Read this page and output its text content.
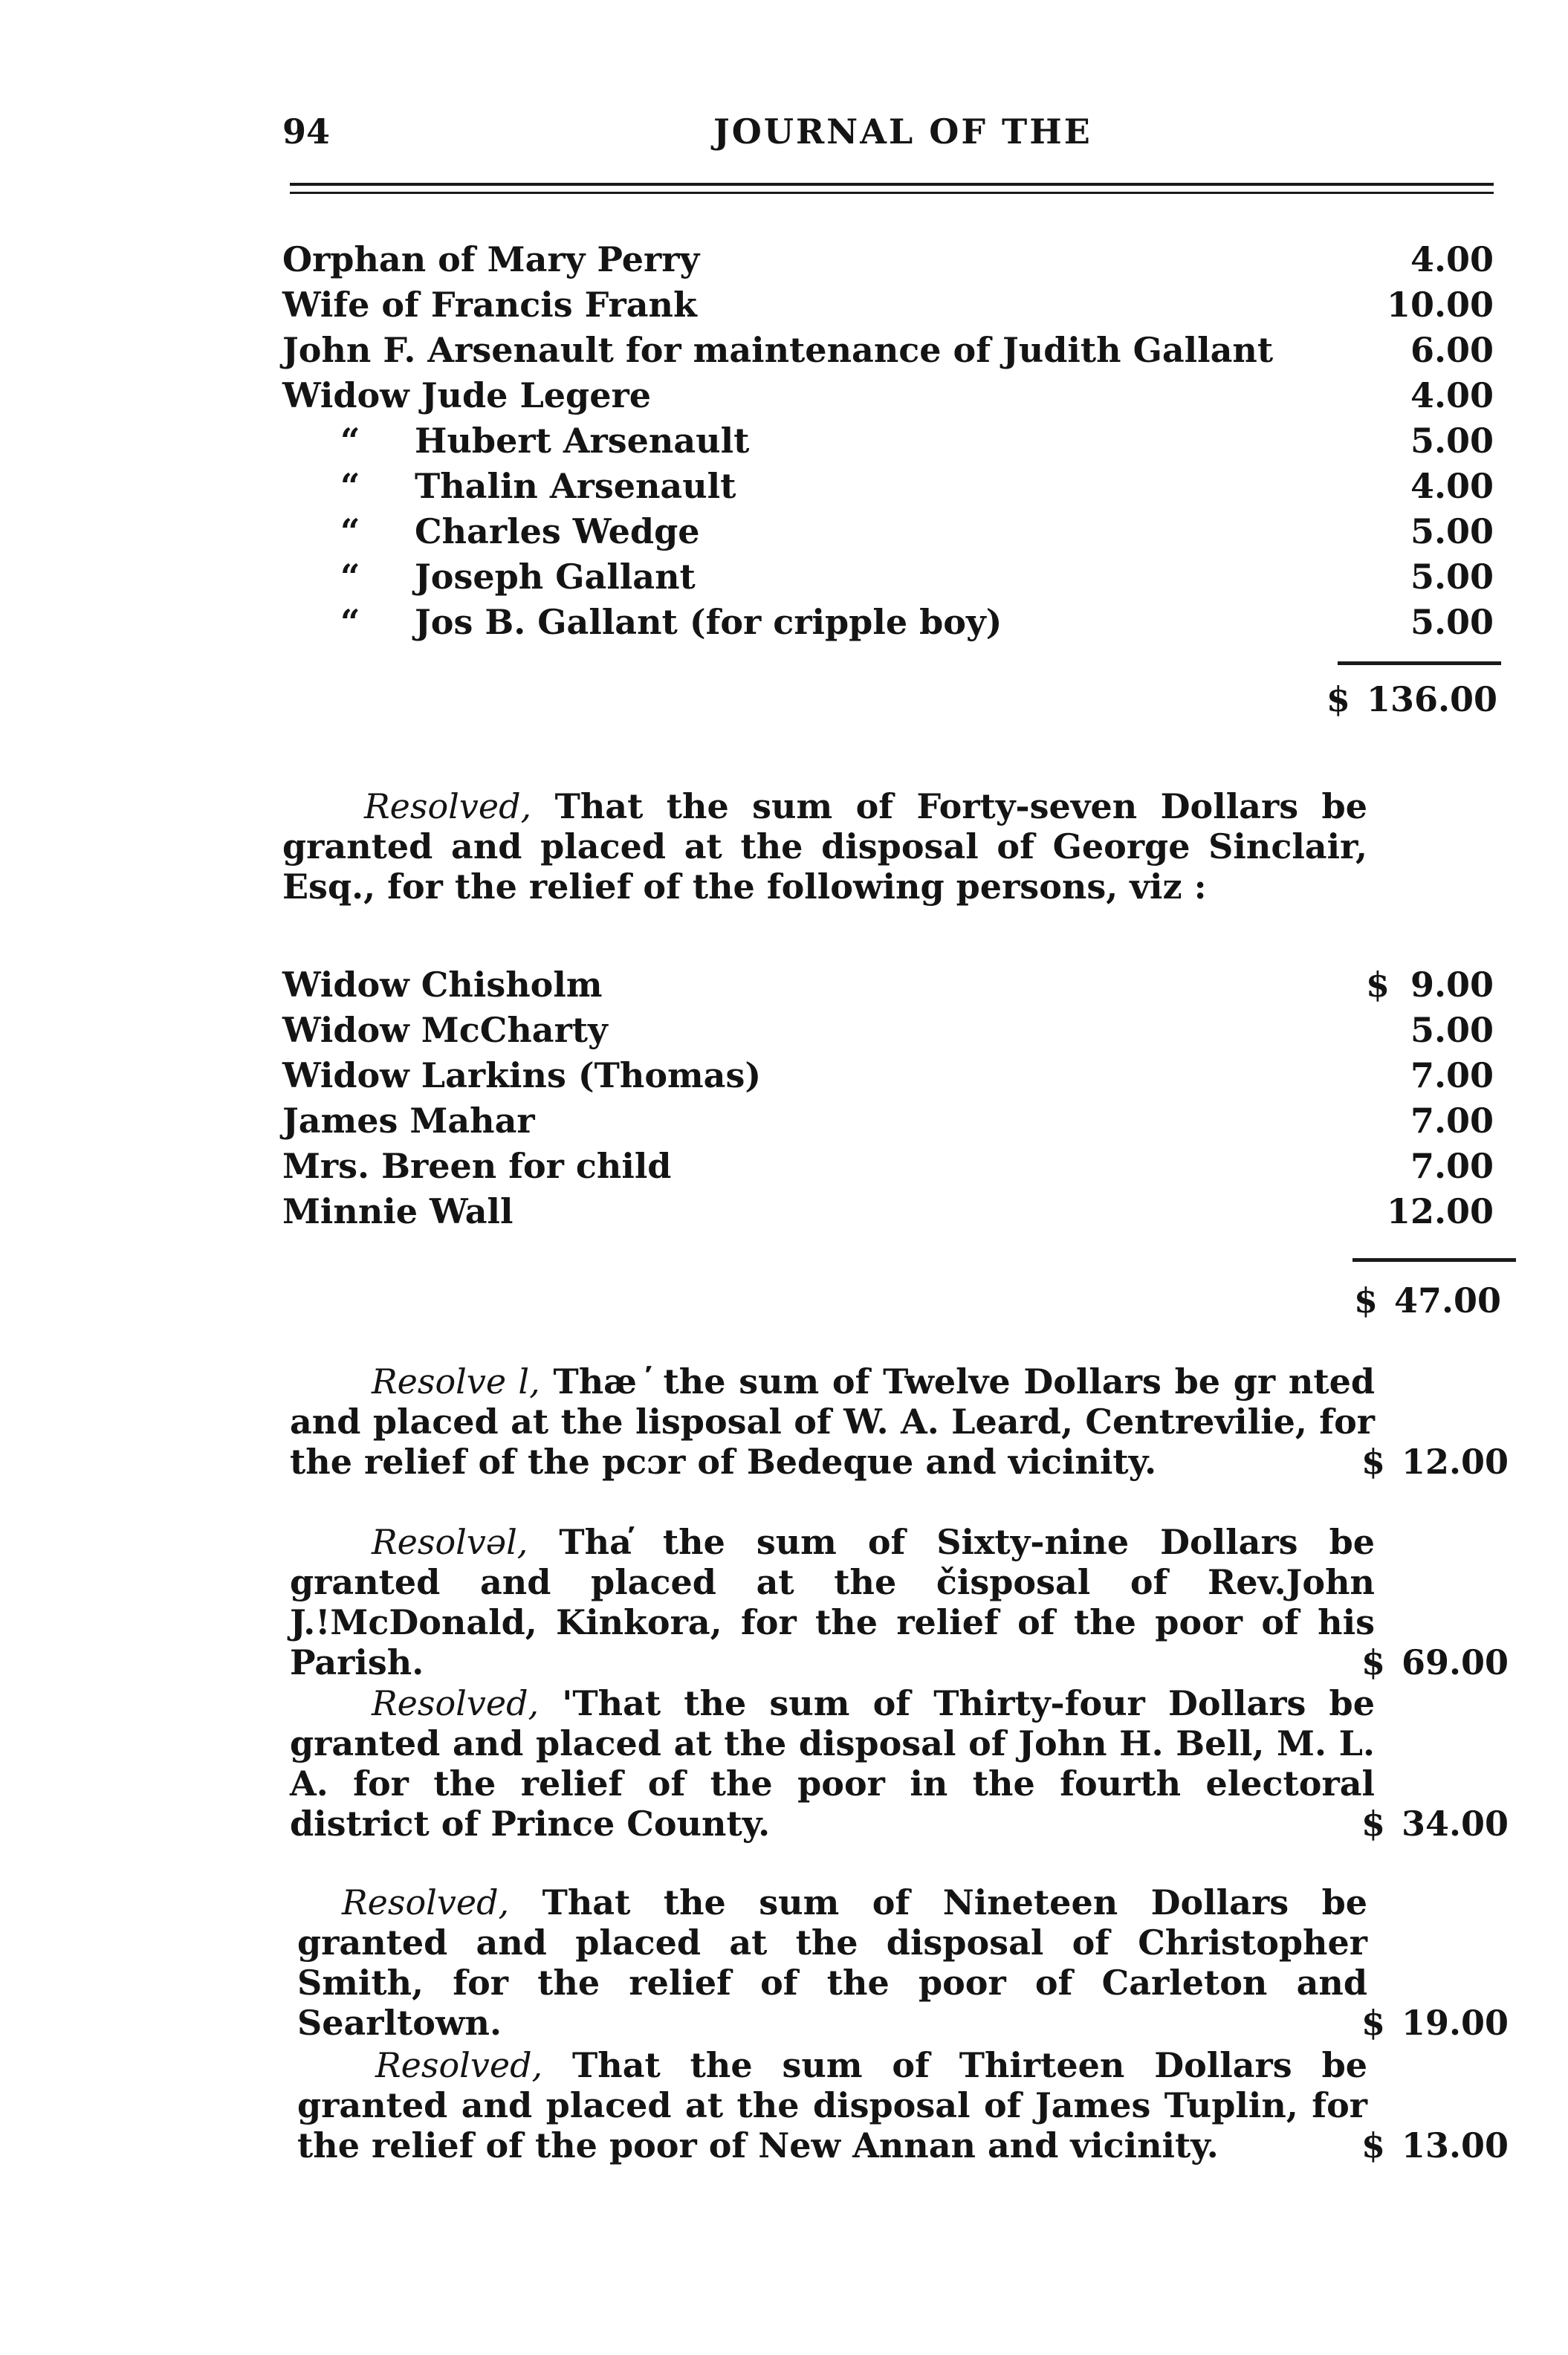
94	JOURNAL OF THE
Orphan of Mary Perry	4.00
Wife of Francis Frank	10.00
John F. Arsenault for maintenance of Judith Gallant	6.00
Widow Jude Legere	4.00
“ Hubert Arsenault	5.00
“ Thalin Arsenault	4.00
“ Charles Wedge	5.00
“ Joseph Gallant	5.00
“ Jos B. Gallant (for cripple boy)	5.00
$ 136.00
Resolved, That the sum of Forty-seven Dollars be granted and placed at the disposal of George Sinclair, Esq., for the relief of the following persons, viz :
Widow Chisholm	$ 9.00
Widow McCharty	5.00
Widow Larkins (Thomas)	7.00
James Mahar	7.00
Mrs. Breen for child	7.00
Minnie Wall	12.00
$ 47.00
Resolve l, Thæ ̕ the sum of Twelve Dollars be gr nted and placed at the lisposal of W. A. Leard, Centrevilie, for the relief of the pcɔr of Bedeque and vicinity.	$ 12.00
Resolvəl, Tha̕ the sum of Sixty-nine Dollars be granted and placed at the čisposal of Rev.John J.!McDonald, Kinkora, for the relief of the poor of his Parish.	$ 69.00
Resolved, 'That the sum of Thirty-four Dollars be granted and placed at the disposal of John H. Bell, M. L. A. for the relief of the poor in the fourth electoral district of Prince County.	$ 34.00
Resolved, That the sum of Nineteen Dollars be granted and placed at the disposal of Christopher Smith, for the relief of the poor of Carleton and Searltown.	$ 19.00
Resolved, That the sum of Thirteen Dollars be granted and placed at the disposal of James Tuplin, for the relief of the poor of New Annan and vicinity.	$ 13.00
